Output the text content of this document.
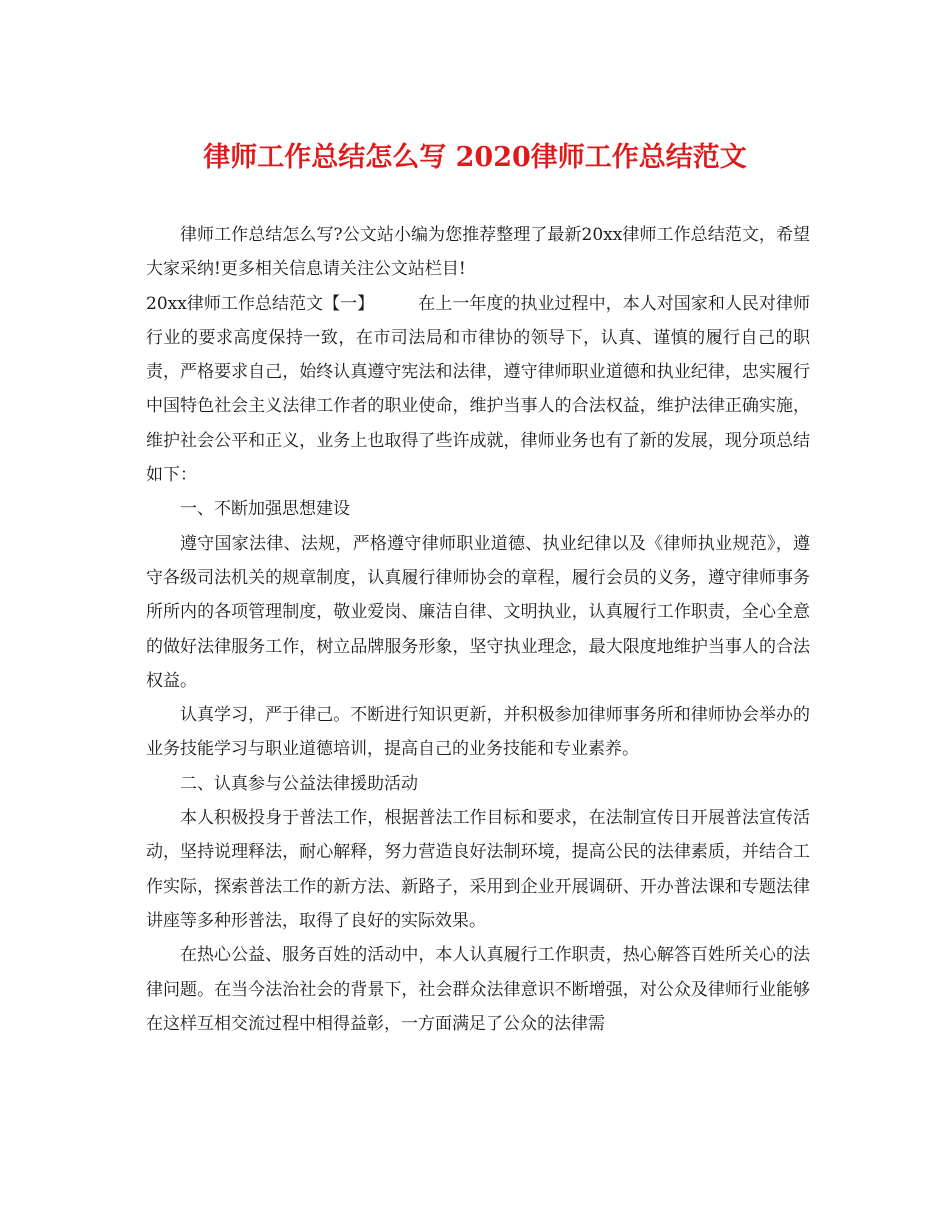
律师工作总结怎么写 2020律师工作总结范文

律师工作总结怎么写?公文站小编为您推荐整理了最新20xx律师工作总结范文，希望大家采纳!更多相关信息请关注公文站栏目!

20xx律师工作总结范文【一】	在上一年度的执业过程中，本人对国家和人民对律师行业的要求高度保持一致，在市司法局和市律协的领导下，认真、谨慎的履行自己的职责，严格要求自己，始终认真遵守宪法和法律，遵守律师职业道德和执业纪律，忠实履行中国特色社会主义法律工作者的职业使命，维护当事人的合法权益，维护法律正确实施，维护社会公平和正义，业务上也取得了些许成就，律师业务也有了新的发展，现分项总结如下：

一、不断加强思想建设

遵守国家法律、法规，严格遵守律师职业道德、执业纪律以及《律师执业规范》，遵守各级司法机关的规章制度，认真履行律师协会的章程，履行会员的义务，遵守律师事务所所内的各项管理制度，敬业爱岗、廉洁自律、文明执业，认真履行工作职责，全心全意的做好法律服务工作，树立品牌服务形象，坚守执业理念，最大限度地维护当事人的合法权益。

认真学习，严于律己。不断进行知识更新，并积极参加律师事务所和律师协会举办的业务技能学习与职业道德培训，提高自己的业务技能和专业素养。

二、认真参与公益法律援助活动

本人积极投身于普法工作，根据普法工作目标和要求，在法制宣传日开展普法宣传活动，坚持说理释法，耐心解释，努力营造良好法制环境，提高公民的法律素质，并结合工作实际，探索普法工作的新方法、新路子，采用到企业开展调研、开办普法课和专题法律讲座等多种形普法，取得了良好的实际效果。

在热心公益、服务百姓的活动中，本人认真履行工作职责，热心解答百姓所关心的法律问题。在当今法治社会的背景下，社会群众法律意识不断增强，对公众及律师行业能够在这样互相交流过程中相得益彰，一方面满足了公众的法律需
